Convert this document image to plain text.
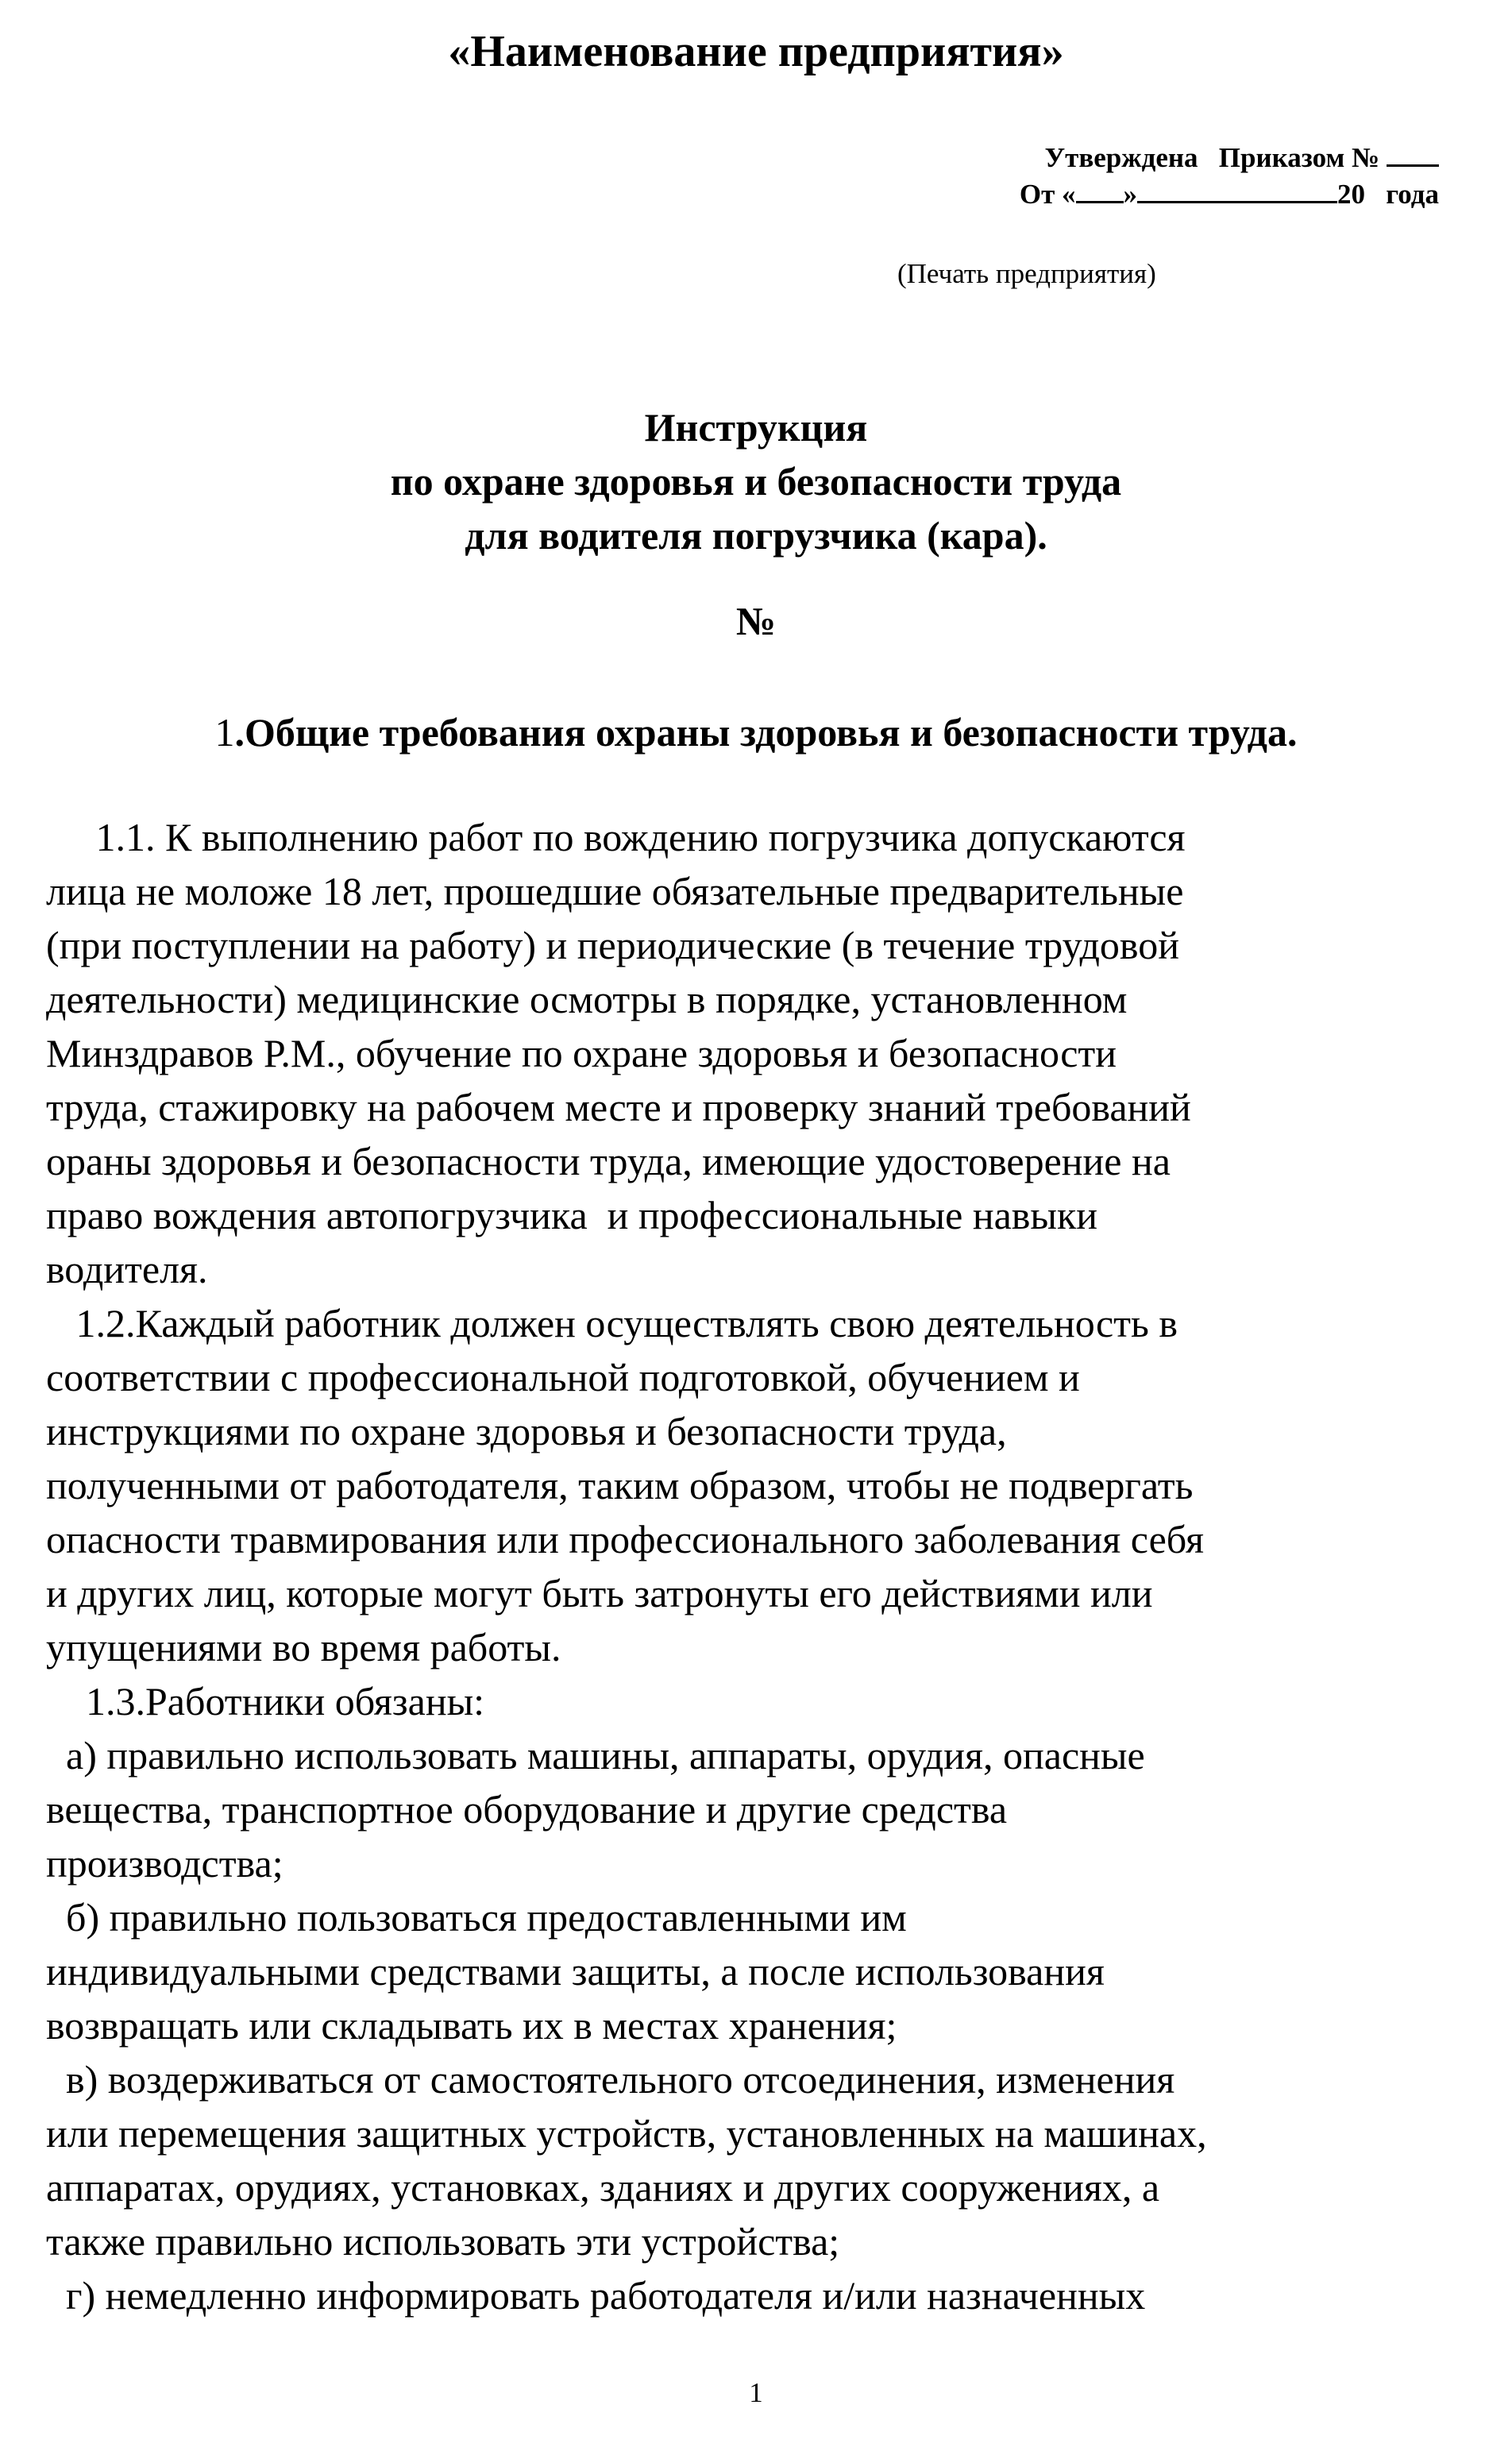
«Наименование предприятия»
Утверждена   Приказом №
От « »	20   года
(Печать предприятия)
Инструкция
по охране здоровья и безопасности труда
для водителя погрузчика (кара).
№
1.Общие требования охраны здоровья и безопасности труда.
1.1. К выполнению работ по вождению погрузчика допускаются
лица не моложе 18 лет, прошедшие обязательные предварительные
(при поступлении на работу) и периодические (в течение трудовой
деятельности) медицинские осмотры в порядке, установленном
Минздравов Р.М., обучение по охране здоровья и безопасности
труда, стажировку на рабочем месте и проверку знаний требований
ораны здоровья и безопасности труда, имеющие удостоверение на
право вождения автопогрузчика  и профессиональные навыки
водителя.
1.2.Каждый работник должен осуществлять свою деятельность в
соответствии с профессиональной подготовкой, обучением и
инструкциями по охране здоровья и безопасности труда,
полученными от работодателя, таким образом, чтобы не подвергать
опасности травмирования или профессионального заболевания себя
и других лиц, которые могут быть затронуты его действиями или
упущениями во время работы.
1.3.Работники обязаны:
а) правильно использовать машины, аппараты, орудия, опасные
вещества, транспортное оборудование и другие средства
производства;
б) правильно пользоваться предоставленными им
индивидуальными средствами защиты, а после использования
возвращать или складывать их в местах хранения;
в) воздерживаться от самостоятельного отсоединения, изменения
или перемещения защитных устройств, установленных на машинах,
аппаратах, орудиях, установках, зданиях и других сооружениях, а
также правильно использовать эти устройства;
г) немедленно информировать работодателя и/или назначенных
1
